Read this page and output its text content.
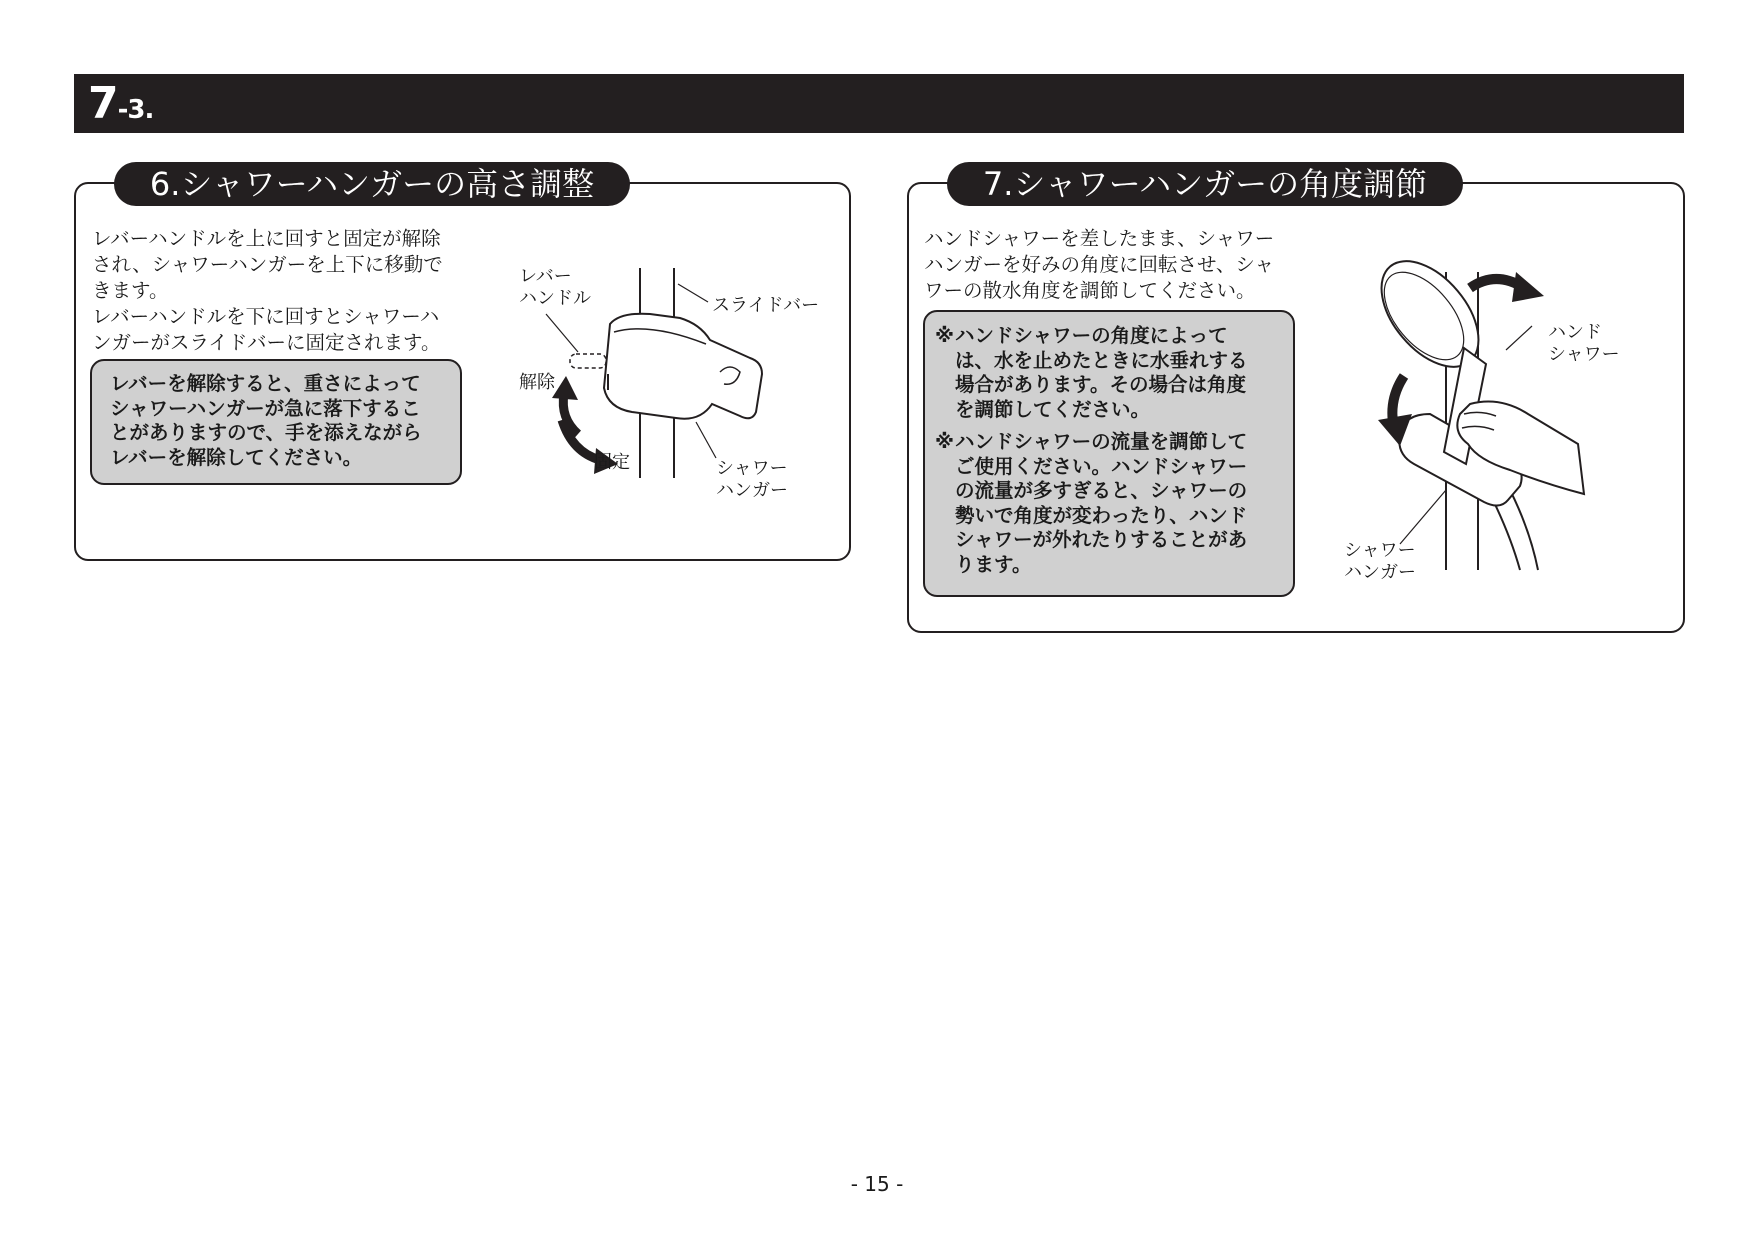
7-3.
6.シャワーハンガーの高さ調整
レバーハンドルを上に回すと固定が解除
され、シャワーハンガーを上下に移動で
きます。
レバーハンドルを下に回すとシャワーハ
ンガーがスライドバーに固定されます。
レバーを解除すると、重さによって
シャワーハンガーが急に落下するこ
とがありますので、手を添えながら
レバーを解除してください。
レバー
ハンドル	スライドバー
解除
固定	シャワー
ハンガー
7.シャワーハンガーの角度調節
ハンドシャワーを差したまま、シャワー
ハンガーを好みの角度に回転させ、シャ
ワーの散水角度を調節してください。
※ ハンドシャワーの角度によって
は、水を止めたときに水垂れする
場合があります。その場合は角度
を調節してください。
※ ハンドシャワーの流量を調節して
ご使用ください。ハンドシャワー
の流量が多すぎると、シャワーの
勢いで角度が変わったり、ハンド
シャワーが外れたりすることがあ
ります。
ハンド
シャワー
シャワー
ハンガー
- 15 -
